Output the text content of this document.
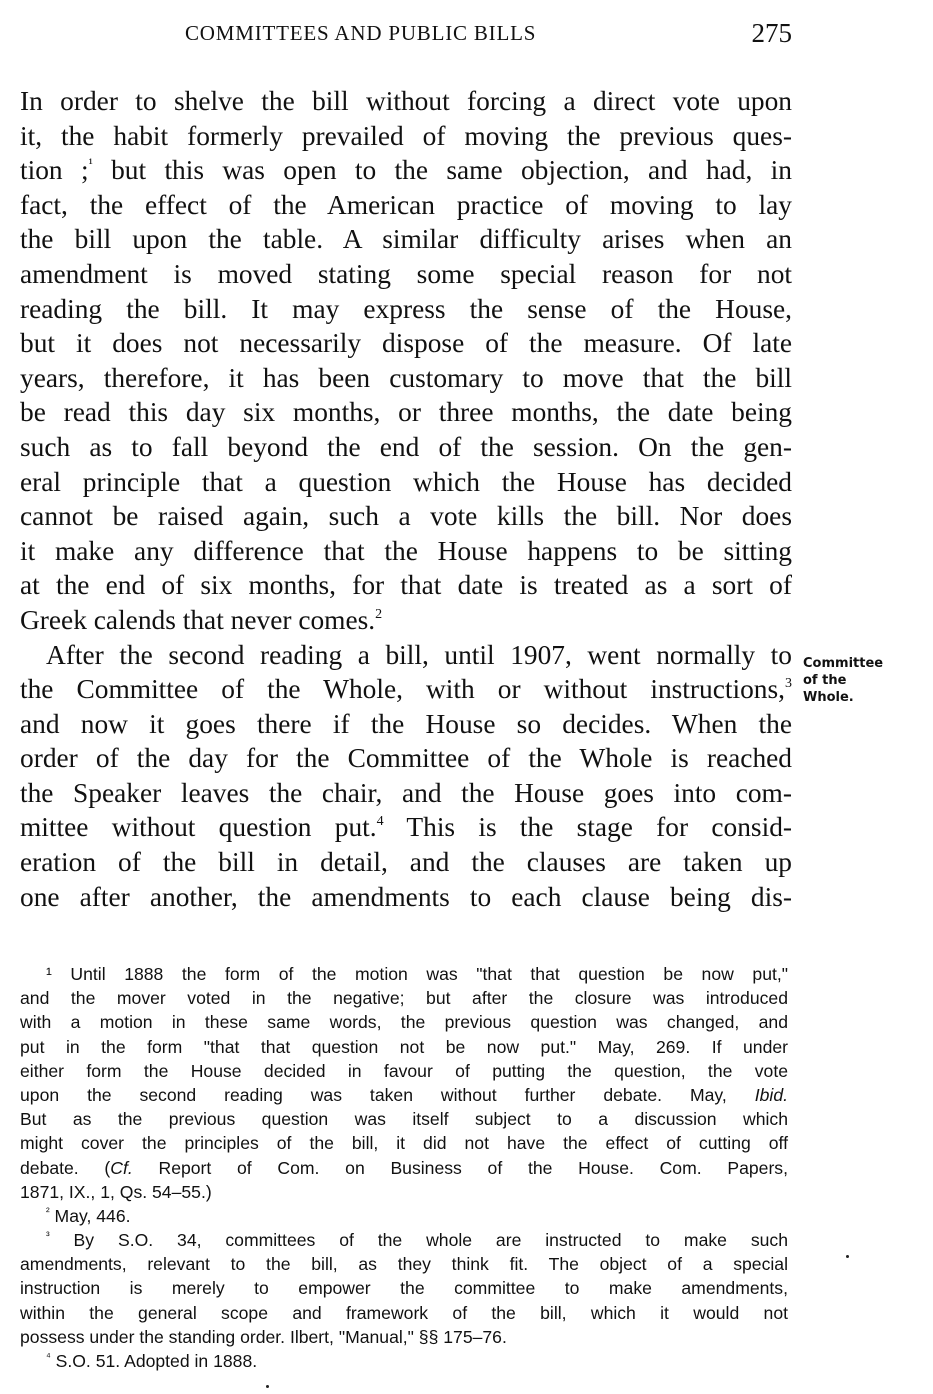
COMMITTEES AND PUBLIC BILLS	275
In order to shelve the bill without forcing a direct vote upon
it, the habit formerly prevailed of moving the previous ques-
tion ;$^{^1}$ but this was open to the same objection, and had, in
fact, the effect of the American practice of moving to lay
the bill upon the table. A similar difficulty arises when an
amendment is moved stating some special reason for not
reading the bill. It may express the sense of the House,
but it does not necessarily dispose of the measure. Of late
years, therefore, it has been customary to move that the bill
be read this day six months, or three months, the date being
such as to fall beyond the end of the session. On the gen-
eral principle that a question which the House has decided
cannot be raised again, such a vote kills the bill. Nor does
it make any difference that the House happens to be sitting
at the end of six months, for that date is treated as a sort of
Greek calends that never comes.$^2$
After the second reading a bill, until 1907, went normally to
the Committee of the Whole, with or without instructions,$^3$
and now it goes there if the House so decides. When the
order of the day for the Committee of the Whole is reached
the Speaker leaves the chair, and the House goes into com-
mittee without question put.$^4$ This is the stage for consid-
eration of the bill in detail, and the clauses are taken up
one after another, the amendments to each clause being dis-
Committee
of the
Whole.
¹ Until 1888 the form of the motion was "that that question be now put,"
and the mover voted in the negative; but after the closure was introduced
with a motion in these same words, the previous question was changed, and
put in the form "that that question not be now put." May, 269. If under
either form the House decided in favour of putting the question, the vote
upon the second reading was taken without further debate. May, Ibid.
But as the previous question was itself subject to a discussion which
might cover the principles of the bill, it did not have the effect of cutting off
debate. (Cf. Report of Com. on Business of the House. Com. Papers,
1871, IX., 1, Qs. 54–55.)
$^{^2}$ May, 446.
$^{^3}$ By S.O. 34, committees of the whole are instructed to make such
amendments, relevant to the bill, as they think fit. The object of a special
instruction is merely to empower the committee to make amendments,
within the general scope and framework of the bill, which it would not
possess under the standing order. Ilbert, "Manual," §§ 175–76.
$^{^4}$ S.O. 51. Adopted in 1888.
